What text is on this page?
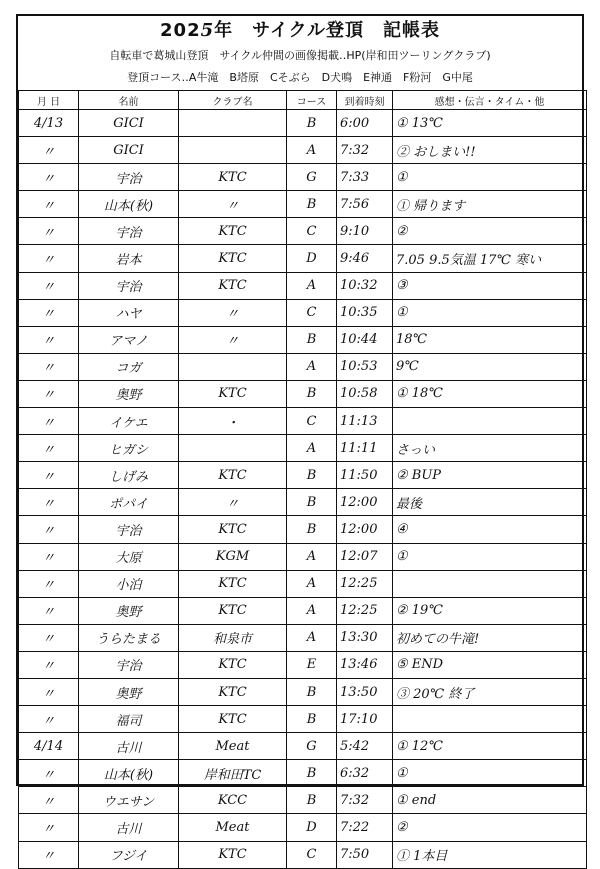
2025年　サイクル登頂　記帳表
自転車で葛城山登頂　サイクル仲間の画像掲載‥HP(岸和田ツーリングクラブ)
登頂コース‥A牛滝　B塔原　Cそぶら　D犬鳴　E神通　F粉河　G中尾
月 日	名前	クラブ名	コース	到着時刻	感想・伝言・タイム・他
4/13	GICI		B	6:00	① 13℃
〃	GICI		A	7:32	② おしまい!!
〃	宇治	KTC	G	7:33	①
〃	山本(秋)	〃	B	7:56	① 帰ります
〃	宇治	KTC	C	9:10	②
〃	岩本	KTC	D	9:46	7.05 9.5気温 17℃ 寒い
〃	宇治	KTC	A	10:32	③
〃	ハヤ	〃	C	10:35	①
〃	アマノ	〃	B	10:44	18℃
〃	コガ		A	10:53	9℃
〃	奥野	KTC	B	10:58	① 18℃
〃	イケエ	・	C	11:13	
〃	ヒガシ		A	11:11	さっい
〃	しげみ	KTC	B	11:50	② BUP
〃	ポパイ	〃	B	12:00	最後
〃	宇治	KTC	B	12:00	④
〃	大原	KGM	A	12:07	①
〃	小泊	KTC	A	12:25	
〃	奥野	KTC	A	12:25	② 19℃
〃	うらたまる	和泉市	A	13:30	初めての牛滝!
〃	宇治	KTC	E	13:46	⑤ END
〃	奥野	KTC	B	13:50	③ 20℃ 終了
〃	福司	KTC	B	17:10	
4/14	古川	Meat	G	5:42	① 12℃
〃	山本(秋)	岸和田TC	B	6:32	①
〃	ウエサン	KCC	B	7:32	① end
〃	古川	Meat	D	7:22	②
〃	フジイ	KTC	C	7:50	① 1本目
